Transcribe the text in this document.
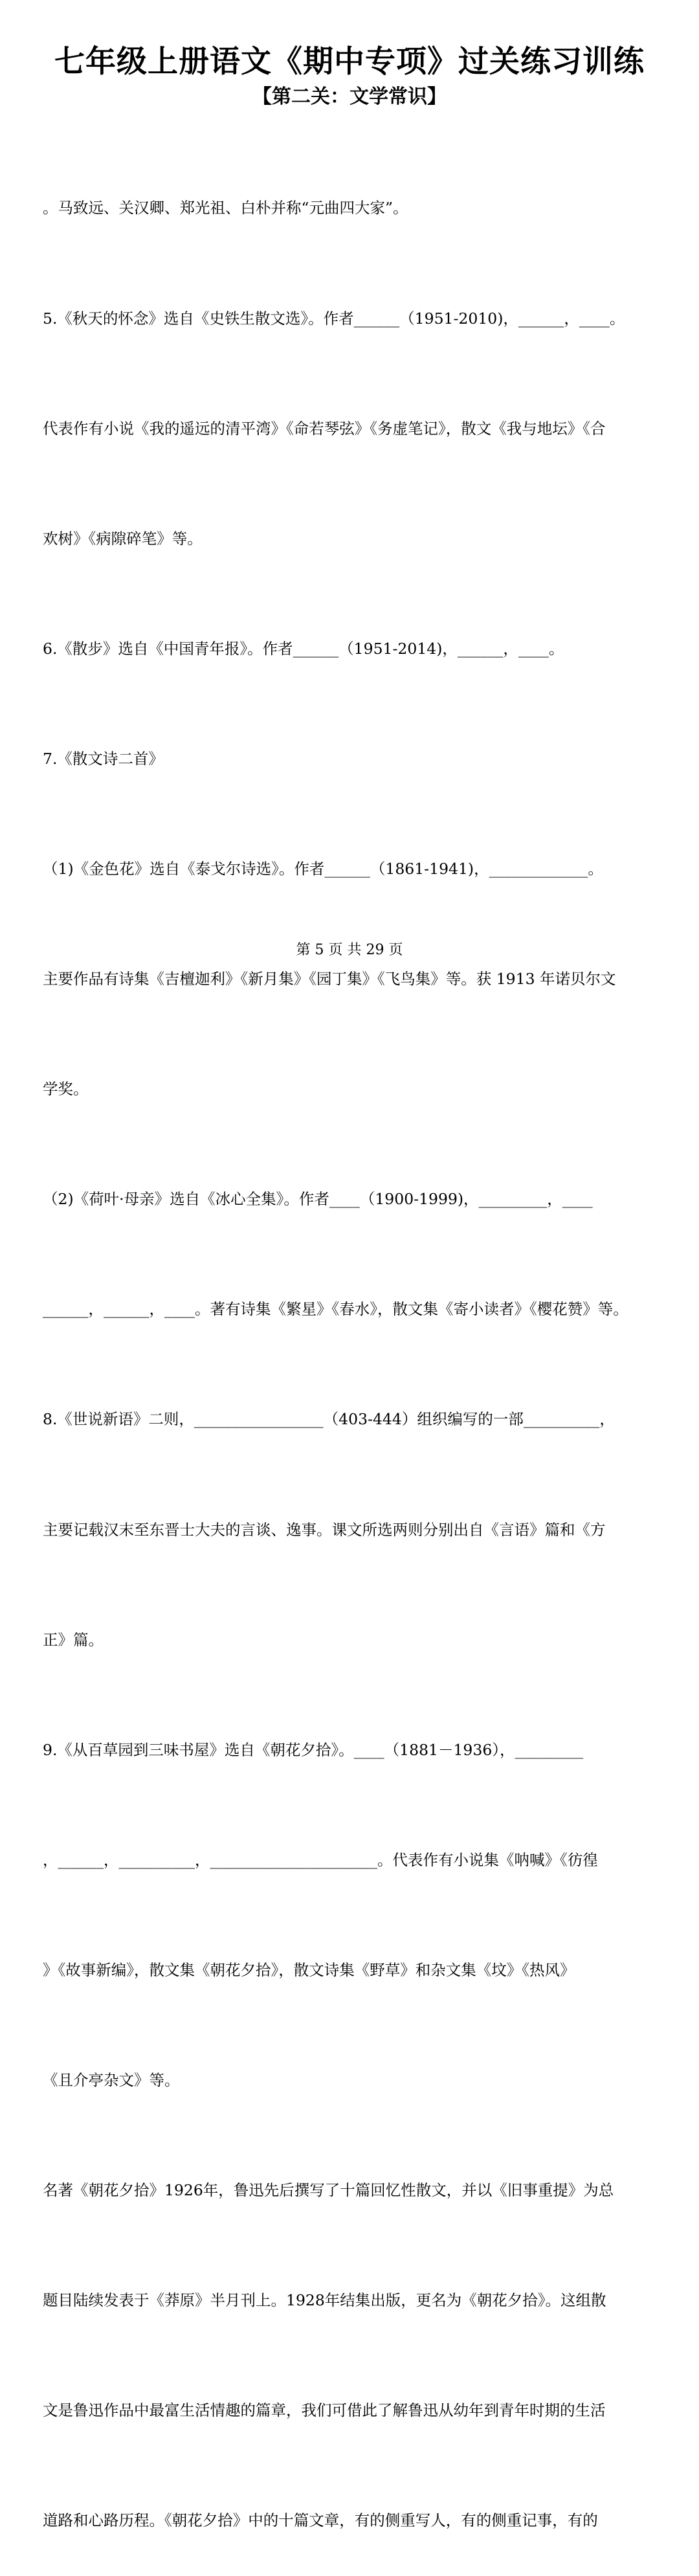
七年级上册语文《期中专项》过关练习训练
【第二关：文学常识】

。马致远、关汉卿、郑光祖、白朴并称“元曲四大家”。

5.《秋天的怀念》选自《史铁生散文选》。作者______（1951-2010)，______，____。

代表作有小说《我的遥远的清平湾》《命若琴弦》《务虚笔记》，散文《我与地坛》《合

欢树》《病隙碎笔》等。

6.《散步》选自《中国青年报》。作者______（1951-2014)，______，____。

7.《散文诗二首》

（1)《金色花》选自《泰戈尔诗选》。作者______（1861-1941)，_____________。

主要作品有诗集《吉檀迦利》《新月集》《园丁集》《飞鸟集》等。获 1913 年诺贝尔文

学奖。

（2)《荷叶·母亲》选自《冰心全集》。作者____（1900-1999)，_________，____

______，______，____。著有诗集《繁星》《春水》，散文集《寄小读者》《樱花赞》等。

8.《世说新语》二则，_________________（403-444）组织编写的一部__________，

主要记载汉末至东晋士大夫的言谈、逸事。课文所选两则分别出自《言语》篇和《方

正》篇。

9.《从百草园到三味书屋》选自《朝花夕拾》。____（1881－1936），_________

，______，__________，______________________。代表作有小说集《呐喊》《彷徨

》《故事新编》，散文集《朝花夕拾》，散文诗集《野草》和杂文集《坟》《热风》

《且介亭杂文》等。

名著《朝花夕拾》1926年，鲁迅先后撰写了十篇回忆性散文，并以《旧事重提》为总

题目陆续发表于《莽原》半月刊上。1928年结集出版，更名为《朝花夕拾》。这组散

文是鲁迅作品中最富生活情趣的篇章，我们可借此了解鲁迅从幼年到青年时期的生活

道路和心路历程。《朝花夕拾》中的十篇文章，有的侧重写人，有的侧重记事，有的

第 5 页 共 29 页
